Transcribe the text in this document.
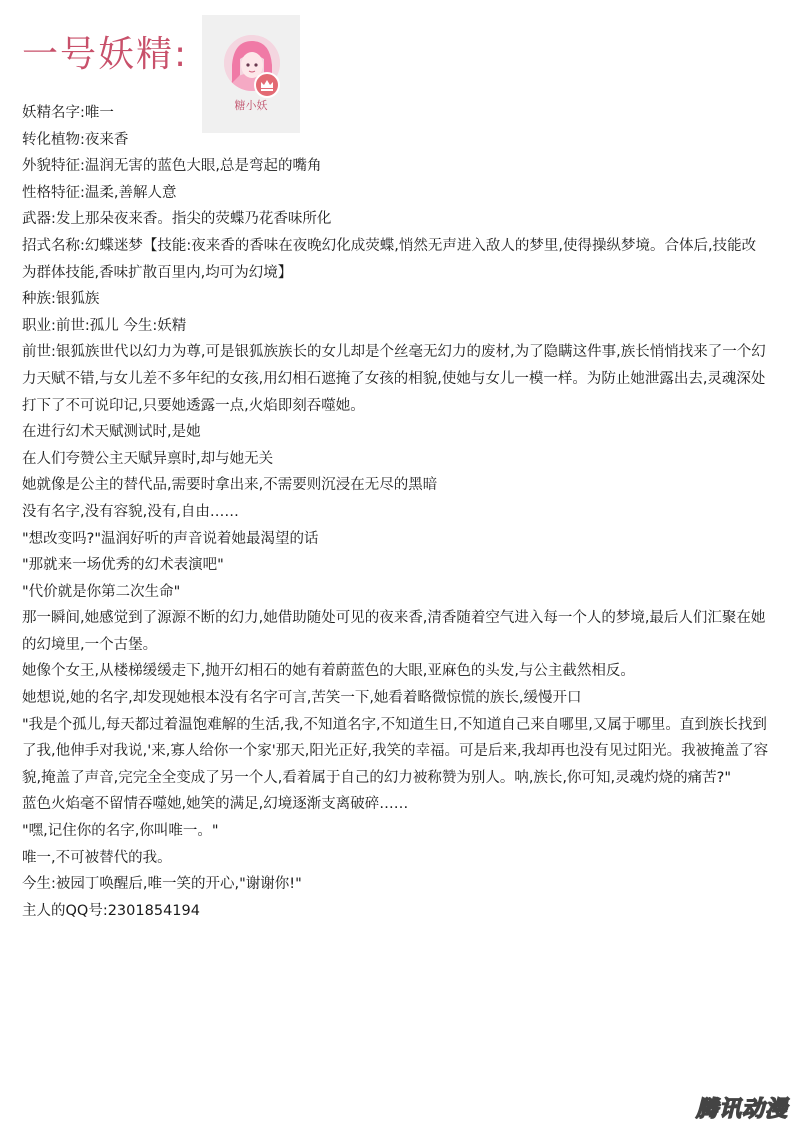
一号妖精:
糖小妖

妖精名字:唯一

转化植物:夜来香

外貌特征:温润无害的蓝色大眼,总是弯起的嘴角

性格特征:温柔,善解人意

武器:发上那朵夜来香。指尖的荧蝶乃花香味所化

招式名称:幻蝶迷梦【技能:夜来香的香味在夜晚幻化成荧蝶,悄然无声进入敌人的梦里,使得操纵梦境。合体后,技能改为群体技能,香味扩散百里内,均可为幻境】

种族:银狐族

职业:前世:孤儿 今生:妖精

前世:银狐族世代以幻力为尊,可是银狐族族长的女儿却是个丝毫无幻力的废材,为了隐瞒这件事,族长悄悄找来了一个幻力天赋不错,与女儿差不多年纪的女孩,用幻相石遮掩了女孩的相貌,使她与女儿一模一样。为防止她泄露出去,灵魂深处打下了不可说印记,只要她透露一点,火焰即刻吞噬她。

在进行幻术天赋测试时,是她

在人们夸赞公主天赋异禀时,却与她无关

她就像是公主的替代品,需要时拿出来,不需要则沉浸在无尽的黑暗

没有名字,没有容貌,没有,自由……

"想改变吗?"温润好听的声音说着她最渴望的话

"那就来一场优秀的幻术表演吧"

"代价就是你第二次生命"

那一瞬间,她感觉到了源源不断的幻力,她借助随处可见的夜来香,清香随着空气进入每一个人的梦境,最后人们汇聚在她的幻境里,一个古堡。

她像个女王,从楼梯缓缓走下,抛开幻相石的她有着蔚蓝色的大眼,亚麻色的头发,与公主截然相反。

她想说,她的名字,却发现她根本没有名字可言,苦笑一下,她看着略微惊慌的族长,缓慢开口

"我是个孤儿,每天都过着温饱难解的生活,我,不知道名字,不知道生日,不知道自己来自哪里,又属于哪里。直到族长找到了我,他伸手对我说,'来,寡人给你一个家'那天,阳光正好,我笑的幸福。可是后来,我却再也没有见过阳光。我被掩盖了容貌,掩盖了声音,完完全全变成了另一个人,看着属于自己的幻力被称赞为别人。呐,族长,你可知,灵魂灼烧的痛苦?"

蓝色火焰毫不留情吞噬她,她笑的满足,幻境逐渐支离破碎……

"嘿,记住你的名字,你叫唯一。"

唯一,不可被替代的我。

今生:被园丁唤醒后,唯一笑的开心,"谢谢你!"

主人的QQ号:2301854194

腾讯动漫
